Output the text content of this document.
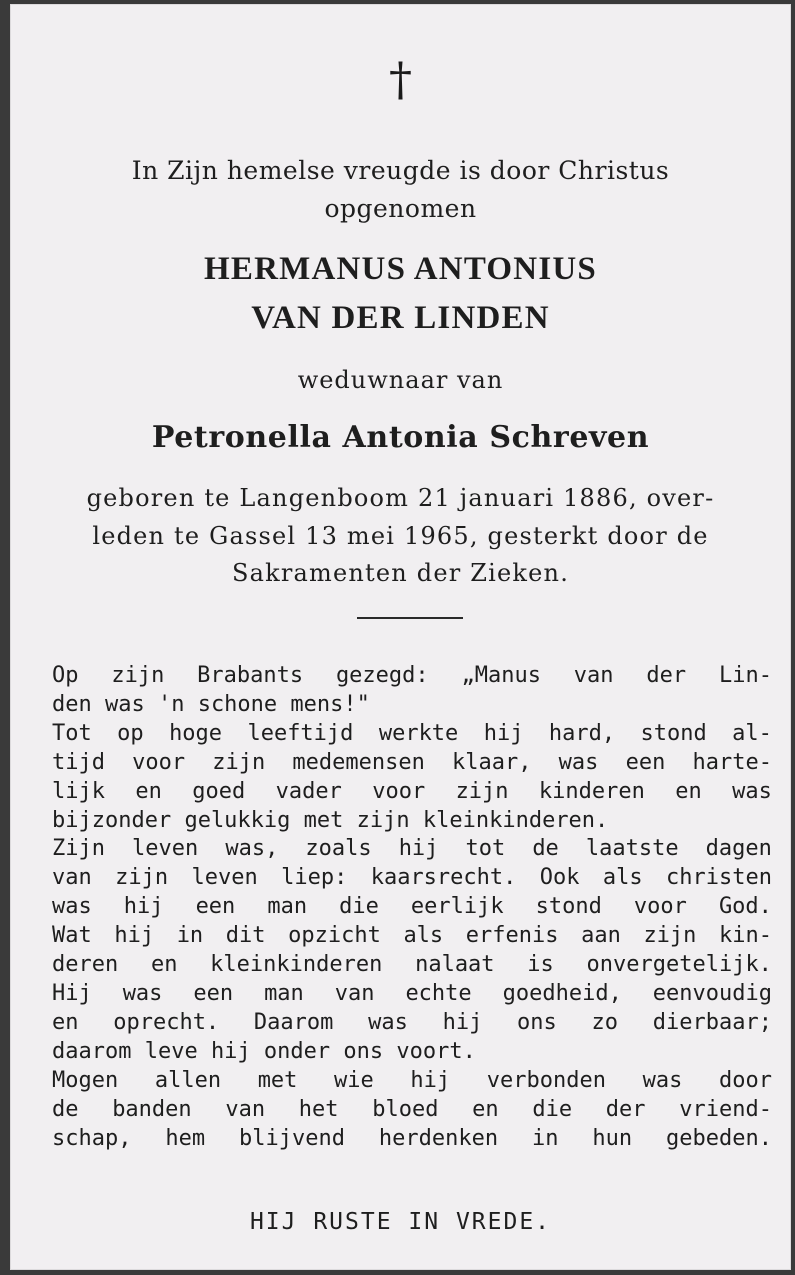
†
In Zijn hemelse vreugde is door Christus
opgenomen
HERMANUS ANTONIUS
VAN DER LINDEN
weduwnaar van
Petronella Antonia Schreven
geboren te Langenboom 21 januari 1886, over-
leden te Gassel 13 mei 1965, gesterkt door de
Sakramenten der Zieken.
Op zijn Brabants gezegd: „Manus van der Lin-
den was 'n schone mens!"
Tot op hoge leeftijd werkte hij hard, stond al-
tijd voor zijn medemensen klaar, was een harte-
lijk en goed vader voor zijn kinderen en was
bijzonder gelukkig met zijn kleinkinderen.
Zijn leven was, zoals hij tot de laatste dagen
van zijn leven liep: kaarsrecht. Ook als christen
was hij een man die eerlijk stond voor God.
Wat hij in dit opzicht als erfenis aan zijn kin-
deren en kleinkinderen nalaat is onvergetelijk.
Hij was een man van echte goedheid, eenvoudig
en oprecht. Daarom was hij ons zo dierbaar;
daarom leve hij onder ons voort.
Mogen allen met wie hij verbonden was door
de banden van het bloed en die der vriend-
schap, hem blijvend herdenken in hun gebeden.
HIJ RUSTE IN VREDE.
